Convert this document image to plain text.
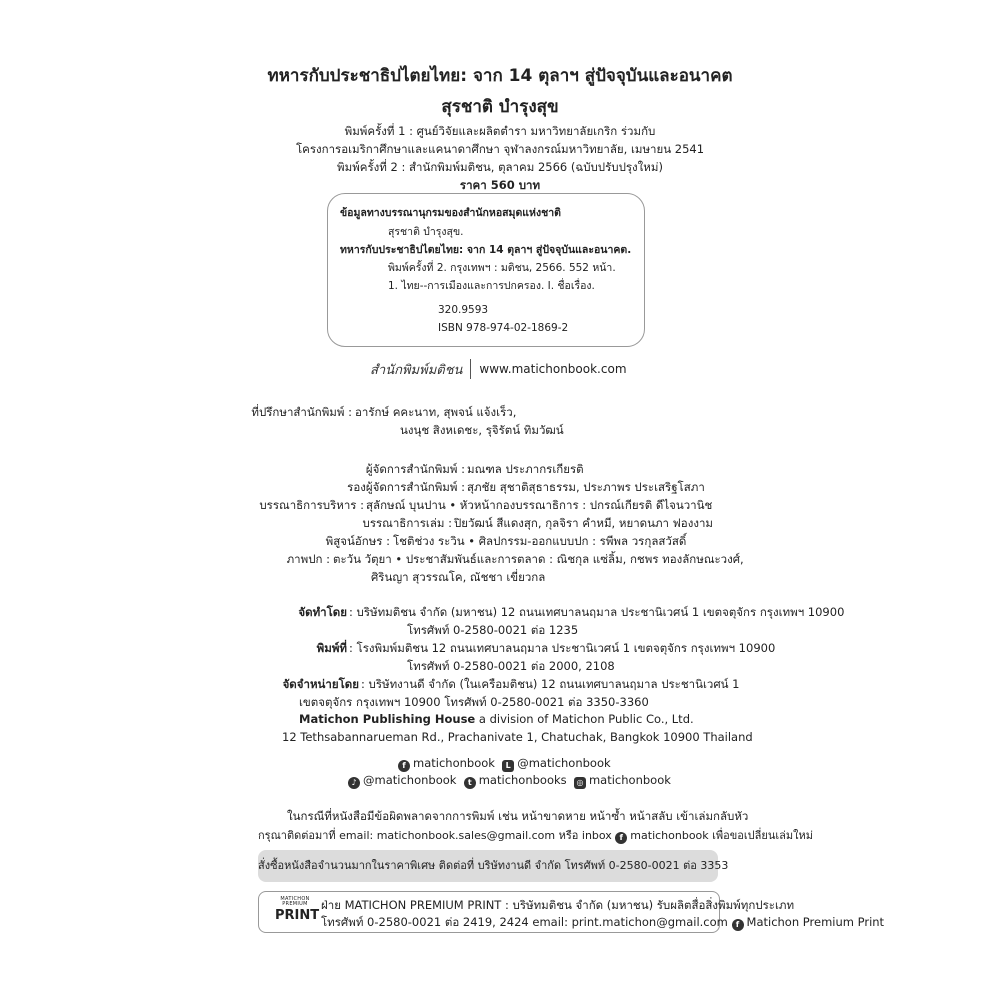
ทหารกับประชาธิปไตยไทย: จาก 14 ตุลาฯ สู่ปัจจุบันและอนาคต
สุรชาติ บำรุงสุข
พิมพ์ครั้งที่ 1 : ศูนย์วิจัยและผลิตตำรา มหาวิทยาลัยเกริก ร่วมกับ
โครงการอเมริกาศึกษาและแคนาดาศึกษา จุฬาลงกรณ์มหาวิทยาลัย, เมษายน 2541
พิมพ์ครั้งที่ 2 : สำนักพิมพ์มติชน, ตุลาคม 2566 (ฉบับปรับปรุงใหม่)
ราคา 560 บาท
ข้อมูลทางบรรณานุกรมของสำนักหอสมุดแห่งชาติ
สุรชาติ บำรุงสุข.
ทหารกับประชาธิปไตยไทย: จาก 14 ตุลาฯ สู่ปัจจุบันและอนาคต.
พิมพ์ครั้งที่ 2. กรุงเทพฯ : มติชน, 2566. 552 หน้า.
1. ไทย--การเมืองและการปกครอง. I. ชื่อเรื่อง.
320.9593
ISBN 978-974-02-1869-2
สำนักพิมพ์มติชน	www.matichonbook.com
ที่ปรึกษาสำนักพิมพ์ : อารักษ์ คคะนาท, สุพจน์ แจ้งเร็ว,
นงนุช สิงหเดชะ, รุจิรัตน์ ทิมวัฒน์
ผู้จัดการสำนักพิมพ์ : มณฑล ประภากรเกียรติ
รองผู้จัดการสำนักพิมพ์ : สุภชัย สุชาติสุธาธรรม, ประภาพร ประเสริฐโสภา
บรรณาธิการบริหาร : สุลักษณ์ บุนปาน • หัวหน้ากองบรรณาธิการ : ปกรณ์เกียรติ ดีไจนวานิช
บรรณาธิการเล่ม : ปิยวัฒน์ สีแดงสุก, กุลจิรา คำหมี, หยาดนภา ฟองงาม
พิสูจน์อักษร : โชติช่วง ระวิน • ศิลปกรรม-ออกแบบปก : รพีพล วรกุลสวัสดิ์
ภาพปก : ตะวัน วัตุยา • ประชาสัมพันธ์และการตลาด : ณิชกุล แซ่ลิ้ม, กชพร ทองลักษณะวงศ์,
ศิรินญา สุวรรณโค, ณัชชา เขี่ยวกล
จัดทำโดย : บริษัทมติชน จำกัด (มหาชน) 12 ถนนเทศบาลนฤมาล ประชานิเวศน์ 1 เขตจตุจักร กรุงเทพฯ 10900
โทรศัพท์ 0-2580-0021 ต่อ 1235
พิมพ์ที่ : โรงพิมพ์มติชน 12 ถนนเทศบาลนฤมาล ประชานิเวศน์ 1 เขตจตุจักร กรุงเทพฯ 10900
โทรศัพท์ 0-2580-0021 ต่อ 2000, 2108
จัดจำหน่ายโดย : บริษัทงานดี จำกัด (ในเครือมติชน) 12 ถนนเทศบาลนฤมาล ประชานิเวศน์ 1
เขตจตุจักร กรุงเทพฯ 10900 โทรศัพท์ 0-2580-0021 ต่อ 3350-3360
Matichon Publishing House a division of Matichon Public Co., Ltd.
12 Tethsabannarueman Rd., Prachanivate 1, Chatuchak, Bangkok 10900 Thailand
f matichonbook L @matichonbook
♪ @matichonbook t matichonbooks ◎ matichonbook
ในกรณีที่หนังสือมีข้อผิดพลาดจากการพิมพ์ เช่น หน้าขาดหาย หน้าซ้ำ หน้าสลับ เข้าเล่มกลับหัว
กรุณาติดต่อมาที่ email: matichonbook.sales@gmail.com หรือ inbox f matichonbook เพื่อขอเปลี่ยนเล่มใหม่
สั่งซื้อหนังสือจำนวนมากในราคาพิเศษ ติดต่อที่ บริษัทงานดี จำกัด โทรศัพท์ 0-2580-0021 ต่อ 3353
MATICHON PREMIUM
PRINT
ฝ่าย MATICHON PREMIUM PRINT : บริษัทมติชน จำกัด (มหาชน) รับผลิตสื่อสิ่งพิมพ์ทุกประเภท
โทรศัพท์ 0-2580-0021 ต่อ 2419, 2424 email: print.matichon@gmail.com f Matichon Premium Print
